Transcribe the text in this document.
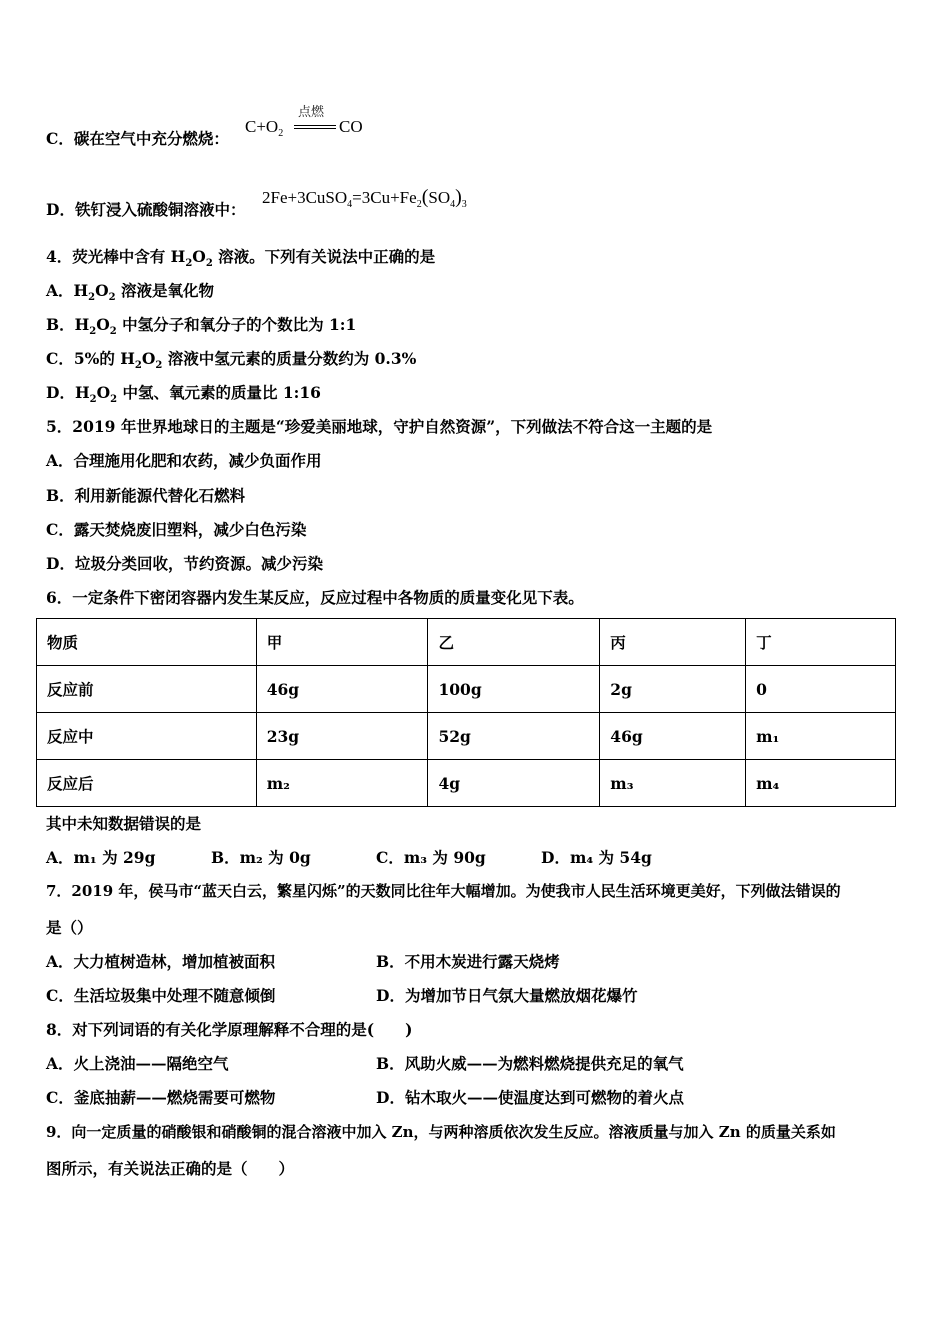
C．碳在空气中充分燃烧：
$C+O_2$
点燃
CO
D．铁钉浸入硫酸铜溶液中：
$2Fe+3CuSO_4=3Cu+Fe_2(SO_4)_3$
4．荧光棒中含有 $H_2O_2$ 溶液。下列有关说法中正确的是
A．$H_2O_2$ 溶液是氧化物
B．$H_2O_2$ 中氢分子和氧分子的个数比为 1:1
C．5%的 $H_2O_2$ 溶液中氢元素的质量分数约为 0.3%
D．$H_2O_2$ 中氢、氧元素的质量比 1:16
5．2019 年世界地球日的主题是“珍爱美丽地球，守护自然资源”，下列做法不符合这一主题的是
A．合理施用化肥和农药，减少负面作用
B．利用新能源代替化石燃料
C．露天焚烧废旧塑料，减少白色污染
D．垃圾分类回收，节约资源。减少污染
6．一定条件下密闭容器内发生某反应，反应过程中各物质的质量变化见下表。
物质	甲	乙	丙	丁
反应前	46g	100g	2g	0
反应中	23g	52g	46g	m₁
反应后	m₂	4g	m₃	m₄
其中未知数据错误的是
A．m₁ 为 29g	B．m₂ 为 0g	C．m₃ 为 90g	D．m₄ 为 54g
7．2019 年，侯马市“蓝天白云，繁星闪烁”的天数同比往年大幅增加。为使我市人民生活环境更美好，下列做法错误的
是（）
A．大力植树造林，增加植被面积	B．不用木炭进行露天烧烤
C．生活垃圾集中处理不随意倾倒	D．为增加节日气氛大量燃放烟花爆竹
8．对下列词语的有关化学原理解释不合理的是(　　)
A．火上浇油——隔绝空气	B．风助火威——为燃料燃烧提供充足的氧气
C．釜底抽薪——燃烧需要可燃物	D．钻木取火——使温度达到可燃物的着火点
9．向一定质量的硝酸银和硝酸铜的混合溶液中加入 Zn，与两种溶质依次发生反应。溶液质量与加入 Zn 的质量关系如
图所示，有关说法正确的是（　　）
